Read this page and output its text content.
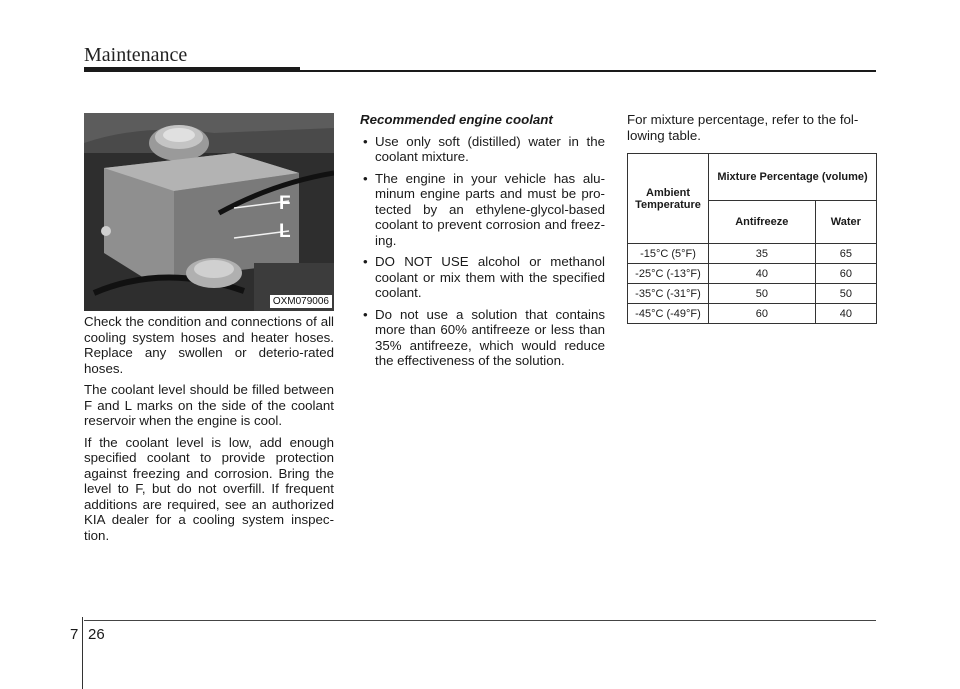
Maintenance
F
L
OXM079006

Check the condition and connections of all cooling system hoses and heater hoses. Replace any swollen or deterio-rated hoses.

The coolant level should be filled between F and L marks on the side of the coolant reservoir when the engine is cool.

If the coolant level is low, add enough specified coolant to provide protection against freezing and corrosion. Bring the level to F, but do not overfill. If frequent additions are required, see an authorized KIA dealer for a cooling system inspec-tion.

Recommended engine coolant
• Use only soft (distilled) water in the coolant mixture.
• The engine in your vehicle has alu-minum engine parts and must be pro-tected by an ethylene-glycol-based coolant to prevent corrosion and freez-ing.
• DO NOT USE alcohol or methanol coolant or mix them with the specified coolant.
• Do not use a solution that contains more than 60% antifreeze or less than 35% antifreeze, which would reduce the effectiveness of the solution.

For mixture percentage, refer to the fol-lowing table.

Ambient Temperature	Mixture Percentage (volume)	
	Antifreeze	Water
-15°C (5°F)	35	65
-25°C (-13°F)	40	60
-35°C (-31°F)	50	50
-45°C (-49°F)	60	40
7 26
